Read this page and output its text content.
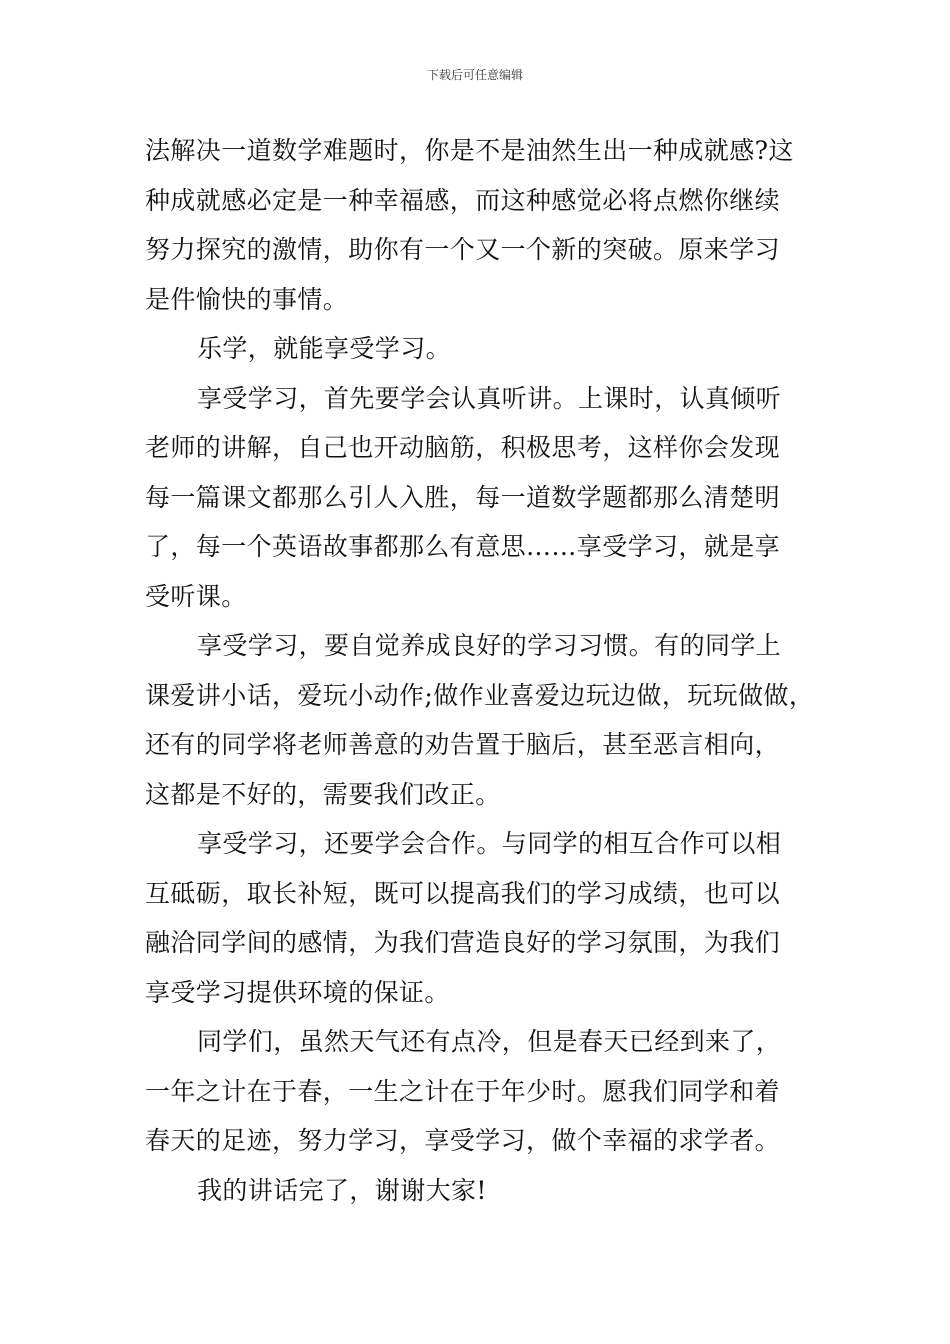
下载后可任意编辑

法解决一道数学难题时，你是不是油然生出一种成就感?这

种成就感必定是一种幸福感，而这种感觉必将点燃你继续

努力探究的激情，助你有一个又一个新的突破。原来学习

是件愉快的事情。

乐学，就能享受学习。

享受学习，首先要学会认真听讲。上课时，认真倾听

老师的讲解，自己也开动脑筋，积极思考，这样你会发现

每一篇课文都那么引人入胜，每一道数学题都那么清楚明

了，每一个英语故事都那么有意思……享受学习，就是享

受听课。

享受学习，要自觉养成良好的学习习惯。有的同学上

课爱讲小话，爱玩小动作;做作业喜爱边玩边做，玩玩做做，

还有的同学将老师善意的劝告置于脑后，甚至恶言相向，

这都是不好的，需要我们改正。

享受学习，还要学会合作。与同学的相互合作可以相

互砥砺，取长补短，既可以提高我们的学习成绩，也可以

融洽同学间的感情，为我们营造良好的学习氛围，为我们

享受学习提供环境的保证。

同学们，虽然天气还有点冷，但是春天已经到来了，

一年之计在于春，一生之计在于年少时。愿我们同学和着

春天的足迹，努力学习，享受学习，做个幸福的求学者。

我的讲话完了，谢谢大家!
